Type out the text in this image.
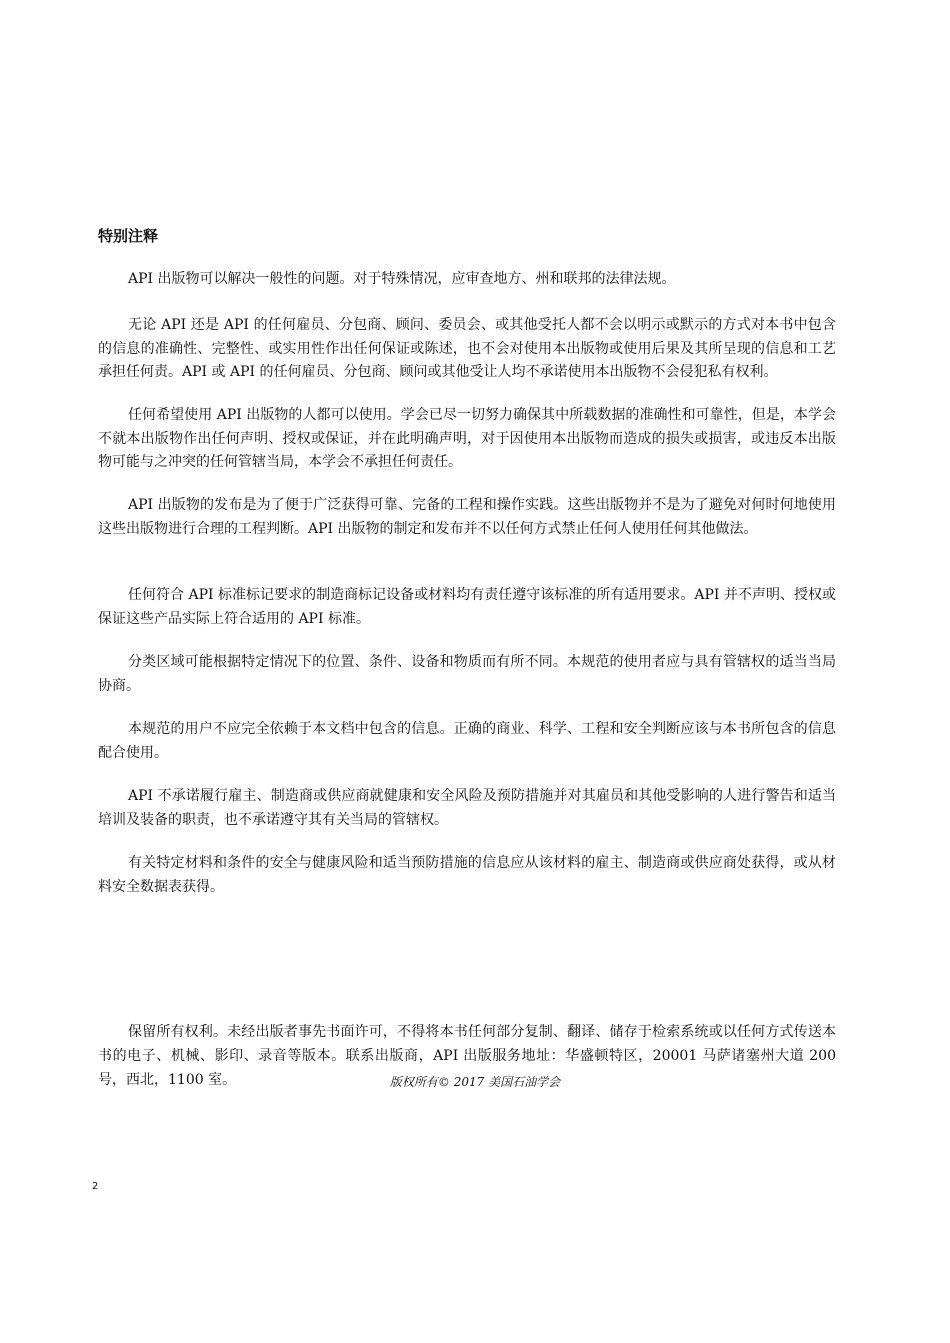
特别注释

API 出版物可以解决一般性的问题。对于特殊情况，应审查地方、州和联邦的法律法规。

无论 API 还是 API 的任何雇员、分包商、顾问、委员会、或其他受托人都不会以明示或默示的方式对本书中包含的信息的准确性、完整性、或实用性作出任何保证或陈述，也不会对使用本出版物或使用后果及其所呈现的信息和工艺承担任何责。API 或 API 的任何雇员、分包商、顾问或其他受让人均不承诺使用本出版物不会侵犯私有权利。

任何希望使用 API 出版物的人都可以使用。学会已尽一切努力确保其中所载数据的准确性和可靠性，但是，本学会不就本出版物作出任何声明、授权或保证，并在此明确声明，对于因使用本出版物而造成的损失或损害，或违反本出版物可能与之冲突的任何管辖当局，本学会不承担任何责任。

API 出版物的发布是为了便于广泛获得可靠、完备的工程和操作实践。这些出版物并不是为了避免对何时何地使用这些出版物进行合理的工程判断。API 出版物的制定和发布并不以任何方式禁止任何人使用任何其他做法。

任何符合 API 标准标记要求的制造商标记设备或材料均有责任遵守该标准的所有适用要求。API 并不声明、授权或保证这些产品实际上符合适用的 API 标准。

分类区域可能根据特定情况下的位置、条件、设备和物质而有所不同。本规范的使用者应与具有管辖权的适当当局协商。

本规范的用户不应完全依赖于本文档中包含的信息。正确的商业、科学、工程和安全判断应该与本书所包含的信息配合使用。

API 不承诺履行雇主、制造商或供应商就健康和安全风险及预防措施并对其雇员和其他受影响的人进行警告和适当培训及装备的职责，也不承诺遵守其有关当局的管辖权。

有关特定材料和条件的安全与健康风险和适当预防措施的信息应从该材料的雇主、制造商或供应商处获得，或从材料安全数据表获得。

保留所有权利。未经出版者事先书面许可，不得将本书任何部分复制、翻译、储存于检索系统或以任何方式传送本书的电子、机械、影印、录音等版本。联系出版商，API 出版服务地址：华盛顿特区，20001 马萨诸塞州大道 200 号，西北，1100 室。	版权所有© 2017 美国石油学会

2
